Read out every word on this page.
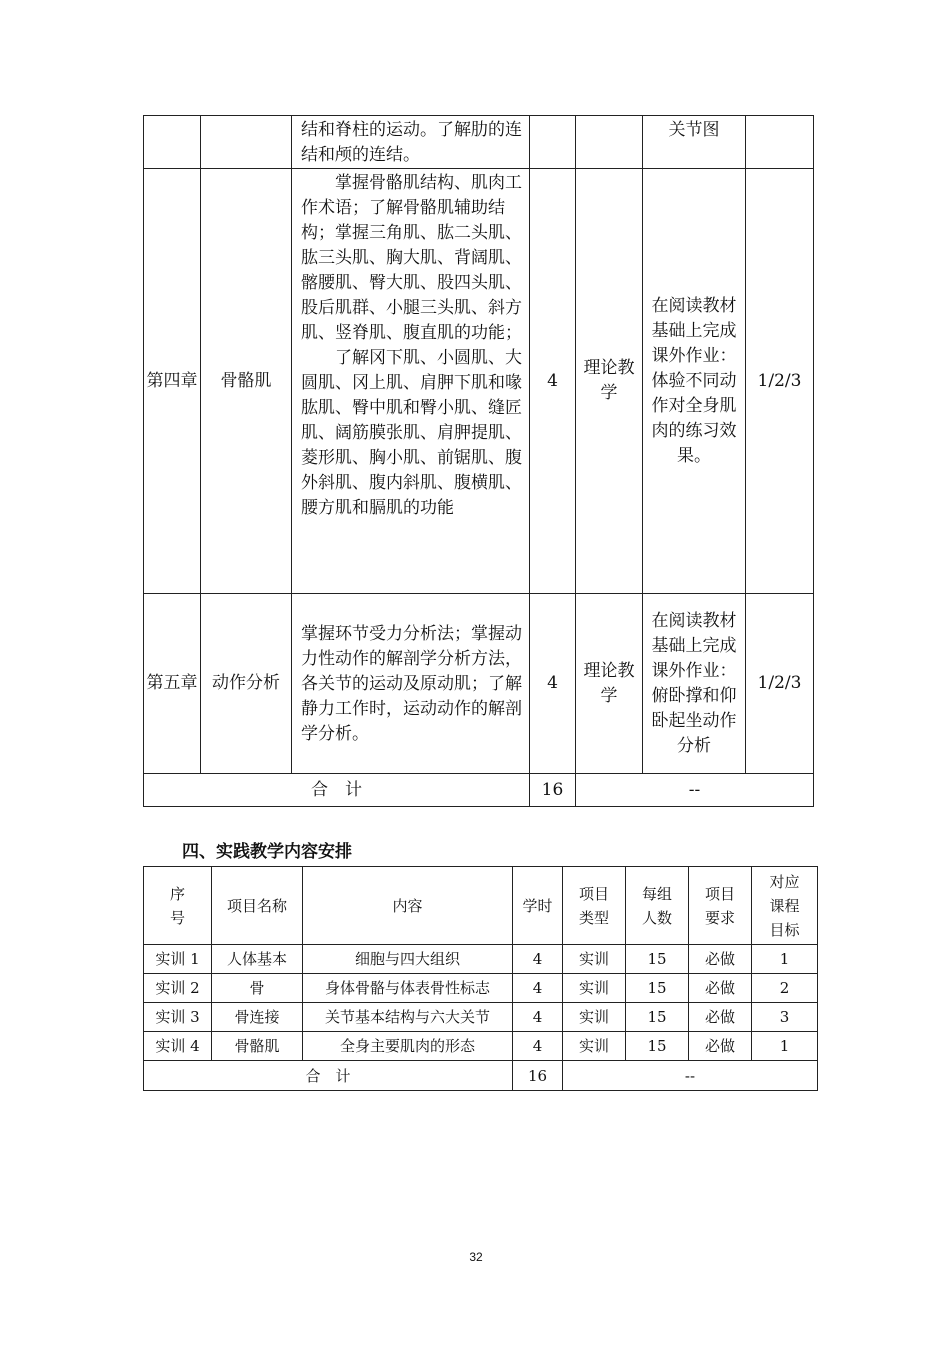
		结和脊柱的运动。了解肋的连结和颅的连结。			关节图	
第四章	骨骼肌	掌握骨骼肌结构、肌肉工作术语；了解骨骼肌辅助结构；掌握三角肌、肱二头肌、肱三头肌、胸大肌、背阔肌、髂腰肌、臀大肌、股四头肌、股后肌群、小腿三头肌、斜方肌、竖脊肌、腹直肌的功能；

了解冈下肌、小圆肌、大圆肌、冈上肌、肩胛下肌和喙肱肌、臀中肌和臀小肌、缝匠肌、阔筋膜张肌、肩胛提肌、菱形肌、胸小肌、前锯肌、腹外斜肌、腹内斜肌、腹横肌、腰方肌和膈肌的功能	4	理论教学	在阅读教材基础上完成课外作业：体验不同动作对全身肌肉的练习效果。	1/2/3
第五章	动作分析	掌握环节受力分析法；掌握动力性动作的解剖学分析方法，各关节的运动及原动肌；了解静力工作时，运动动作的解剖学分析。	4	理论教学	在阅读教材基础上完成课外作业：俯卧撑和仰卧起坐动作分析	1/2/3
合　计			16	--		
四、实践教学内容安排
序号	项目名称	内容	学时	项目类型	每组人数	项目要求	对应课程目标
实训 1	人体基本	细胞与四大组织	4	实训	15	必做	1
实训 2	骨	身体骨骼与体表骨性标志	4	实训	15	必做	2
实训 3	骨连接	关节基本结构与六大关节	4	实训	15	必做	3
实训 4	骨骼肌	全身主要肌肉的形态	4	实训	15	必做	1
合　计			16	--			
32
